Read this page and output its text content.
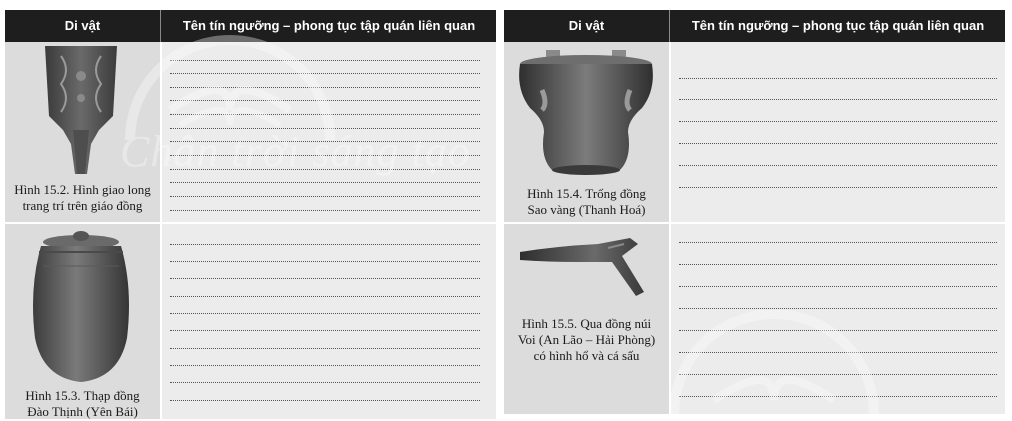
Di vật	Tên tín ngưỡng – phong tục tập quán liên quan
Hình 15.2. Hình giao long
trang trí trên giáo đồng
Hình 15.3. Thạp đồng
Đào Thịnh (Yên Bái)
Chân trời sáng tạo
Di vật	Tên tín ngưỡng – phong tục tập quán liên quan
Hình 15.4. Trống đồng
Sao vàng (Thanh Hoá)
Hình 15.5. Qua đồng núi
Voi (An Lão – Hải Phòng)
có hình hổ và cá sấu
